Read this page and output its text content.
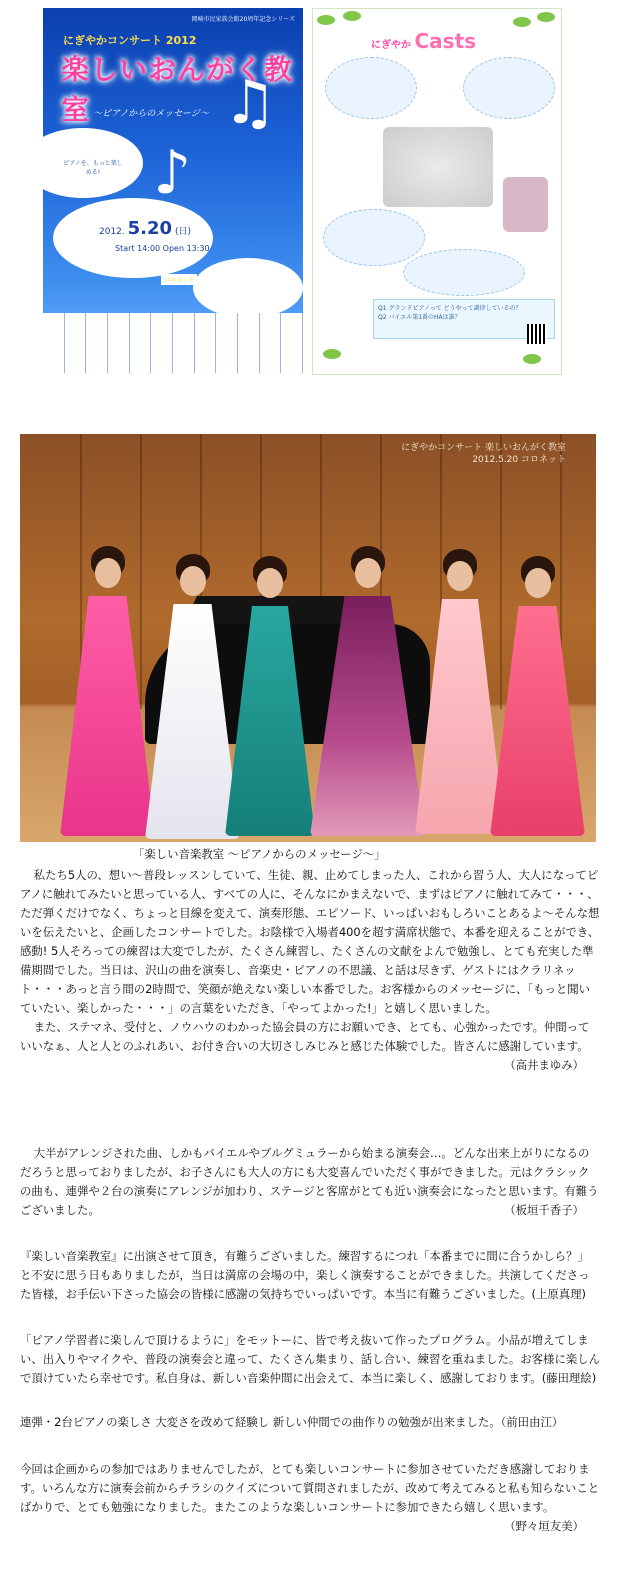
岡崎市民家族会館20周年記念シリーズ
にぎやかコンサート 2012
楽しいおんがく教室 〜ピアノからのメッセージ〜
ピアノを、もっと楽しめる! ♪
♫
2012. 5.20 (日)
Start 14:00 Open 13:30
コロネット
にぎやか Casts
Q1 グランドピアノって どうやって調律しているの？
Q2 バイエル第1番のHAは誰？
にぎやかコンサート 楽しいおんがく教室
2012.5.20 コロネット
「楽しい音楽教室 〜ピアノからのメッセージ〜」

私たち5人の、想い〜普段レッスンしていて、生徒、親、止めてしまった人、これから習う人、大人になってピアノに触れてみたいと思っている人、すべての人に、そんなにかまえないで、まずはピアノに触れてみて・・・、ただ弾くだけでなく、ちょっと目線を変えて、演奏形態、エピソード、いっぱいおもしろいことあるよ〜そんな想いを伝えたいと、企画したコンサートでした。お陰様で入場者400を超す満席状態で、本番を迎えることができ、感動! 5人そろっての練習は大変でしたが、たくさん練習し、たくさんの文献をよんで勉強し、とても充実した準備期間でした。当日は、沢山の曲を演奏し、音楽史・ピアノの不思議、と話は尽きず、ゲストにはクラリネット・・・あっと言う間の2時間で、笑顔が絶えない楽しい本番でした。お客様からのメッセージに、「もっと聞いていたい、楽しかった・・・」の言葉をいただき、「やってよかった!」と嬉しく思いました。

また、ステマネ、受付と、ノウハウのわかった協会員の方にお願いでき、とても、心強かったです。仲間っていいなぁ、人と人とのふれあい、お付き合いの大切さしみじみと感じた体験でした。皆さんに感謝しています。

（高井まゆみ）

大半がアレンジされた曲、しかもバイエルやブルグミュラーから始まる演奏会…。どんな出来上がりになるのだろうと思っておりましたが、お子さんにも大人の方にも大変喜んでいただく事ができました。元はクラシックの曲も、連弾や２台の演奏にアレンジが加わり、ステージと客席がとても近い演奏会になったと思います。有難うございました。	（板垣千香子）

『楽しい音楽教室』に出演させて頂き，有難うございました。練習するにつれ「本番までに間に合うかしら？」と不安に思う日もありましたが，当日は満席の会場の中，楽しく演奏することができました。共演してくださった皆様，お手伝い下さった協会の皆様に感謝の気持ちでいっぱいです。本当に有難うございました。(上原真理)

「ピアノ学習者に楽しんで頂けるように」をモットーに、皆で考え抜いて作ったプログラム。小品が増えてしまい、出入りやマイクや、普段の演奏会と違って、たくさん集まり、話し合い、練習を重ねました。お客様に楽しんで頂けていたら幸せです。私自身は、新しい音楽仲間に出会えて、本当に楽しく、感謝しております。(藤田理絵)

連弾・2台ピアノの楽しさ 大変さを改めて経験し 新しい仲間での曲作りの勉強が出来ました。（前田由江）

今回は企画からの参加ではありませんでしたが、とても楽しいコンサートに参加させていただき感謝しております。いろんな方に演奏会前からチラシのクイズについて質問されましたが、改めて考えてみると私も知らないことばかりで、とても勉強になりました。またこのような楽しいコンサートに参加できたら嬉しく思います。

（野々垣友美）
